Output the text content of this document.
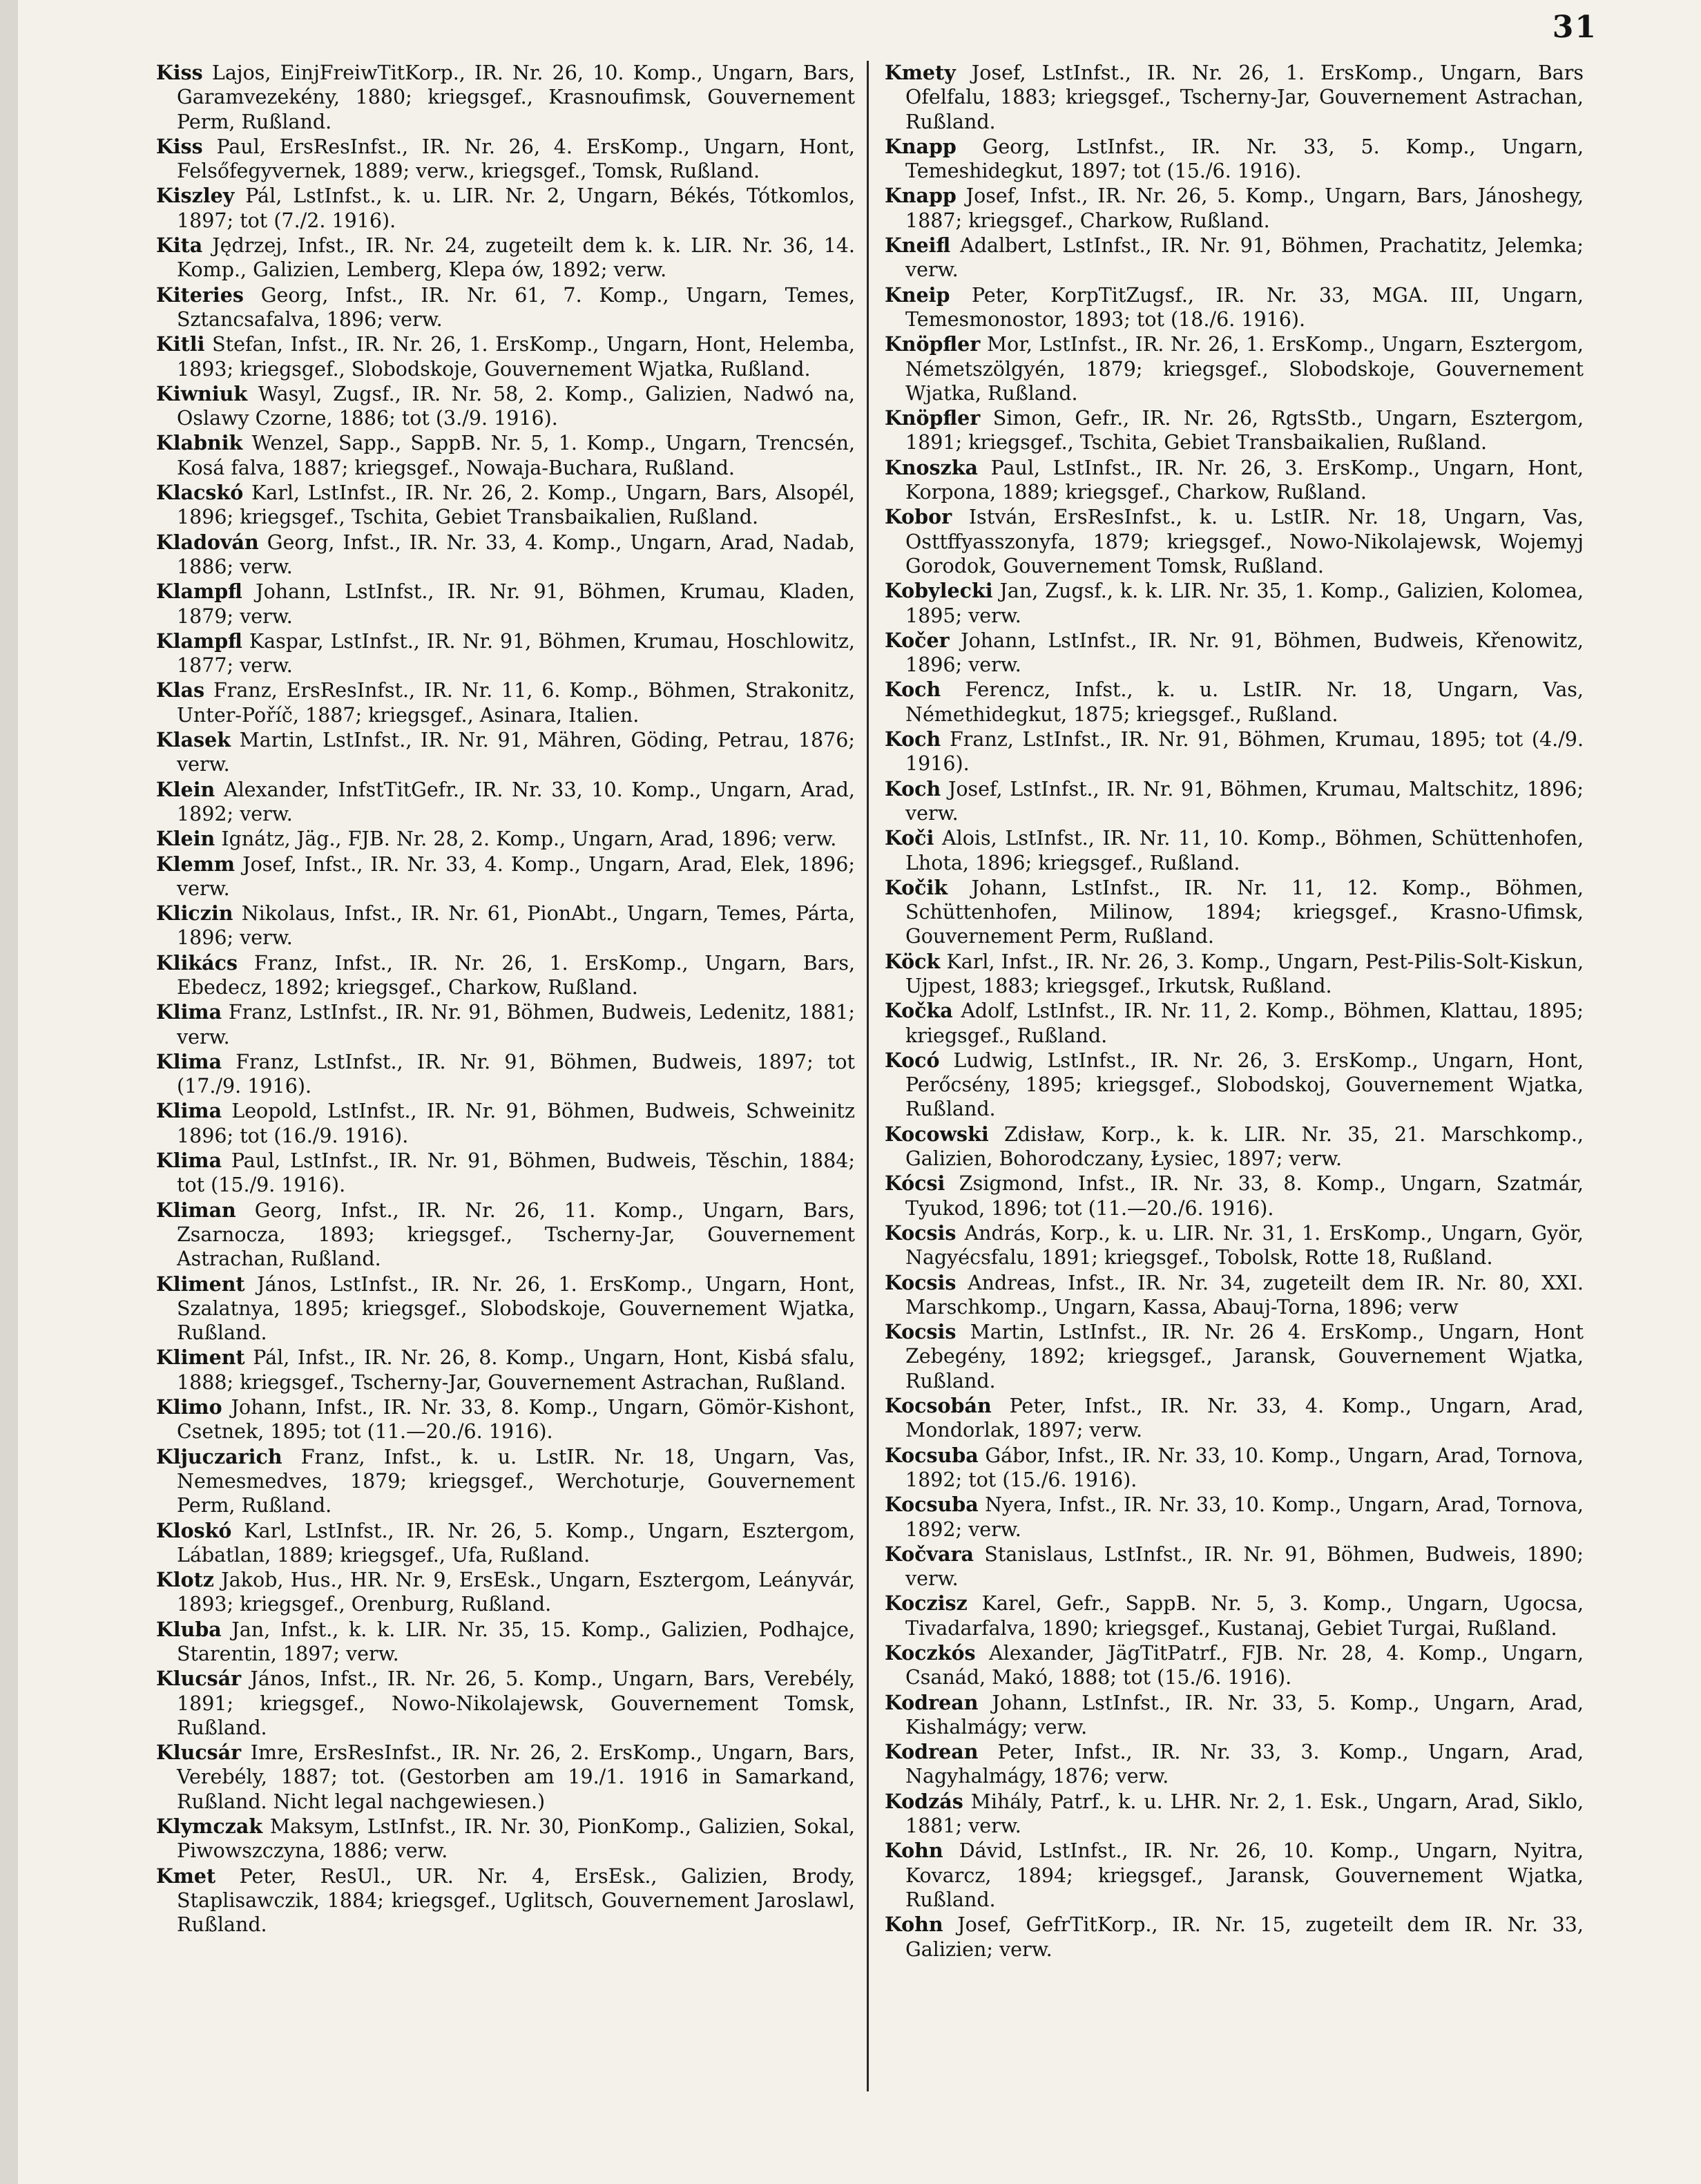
31

Kiss Lajos, EinjFreiwTitKorp., IR. Nr. 26, 10. Komp., Ungarn, Bars, Garamvezekény, 1880; kriegsgef., Krasnoufimsk, Gouvernement Perm, Rußland.

Kiss Paul, ErsResInfst., IR. Nr. 26, 4. ErsKomp., Ungarn, Hont, Felsőfegyvernek, 1889; verw., kriegsgef., Tomsk, Rußland.

Kiszley Pál, LstInfst., k. u. LIR. Nr. 2, Ungarn, Békés, Tótkomlos, 1897; tot (7./2. 1916).

Kita Jędrzej, Infst., IR. Nr. 24, zugeteilt dem k. k. LIR. Nr. 36, 14. Komp., Galizien, Lemberg, Klepa ów, 1892; verw.

Kiteries Georg, Infst., IR. Nr. 61, 7. Komp., Ungarn, Temes, Sztancsafalva, 1896; verw.

Kitli Stefan, Infst., IR. Nr. 26, 1. ErsKomp., Ungarn, Hont, Helemba, 1893; kriegsgef., Slobodskoje, Gouvernement Wjatka, Rußland.

Kiwniuk Wasyl, Zugsf., IR. Nr. 58, 2. Komp., Galizien, Nadwó na, Oslawy Czorne, 1886; tot (3./9. 1916).

Klabnik Wenzel, Sapp., SappB. Nr. 5, 1. Komp., Ungarn, Trencsén, Kosá falva, 1887; kriegsgef., Nowaja-Buchara, Rußland.

Klacskó Karl, LstInfst., IR. Nr. 26, 2. Komp., Ungarn, Bars, Alsopél, 1896; kriegsgef., Tschita, Gebiet Transbaikalien, Rußland.

Kladován Georg, Infst., IR. Nr. 33, 4. Komp., Ungarn, Arad, Nadab, 1886; verw.

Klampfl Johann, LstInfst., IR. Nr. 91, Böhmen, Krumau, Kladen, 1879; verw.

Klampfl Kaspar, LstInfst., IR. Nr. 91, Böhmen, Krumau, Hoschlowitz, 1877; verw.

Klas Franz, ErsResInfst., IR. Nr. 11, 6. Komp., Böhmen, Strakonitz, Unter-Poříč, 1887; kriegsgef., Asinara, Italien.

Klasek Martin, LstInfst., IR. Nr. 91, Mähren, Göding, Petrau, 1876; verw.

Klein Alexander, InfstTitGefr., IR. Nr. 33, 10. Komp., Ungarn, Arad, 1892; verw.

Klein Ignátz, Jäg., FJB. Nr. 28, 2. Komp., Ungarn, Arad, 1896; verw.

Klemm Josef, Infst., IR. Nr. 33, 4. Komp., Ungarn, Arad, Elek, 1896; verw.

Kliczin Nikolaus, Infst., IR. Nr. 61, PionAbt., Ungarn, Temes, Párta, 1896; verw.

Klikács Franz, Infst., IR. Nr. 26, 1. ErsKomp., Ungarn, Bars, Ebedecz, 1892; kriegsgef., Charkow, Rußland.

Klima Franz, LstInfst., IR. Nr. 91, Böhmen, Budweis, Ledenitz, 1881; verw.

Klima Franz, LstInfst., IR. Nr. 91, Böhmen, Budweis, 1897; tot (17./9. 1916).

Klima Leopold, LstInfst., IR. Nr. 91, Böhmen, Budweis, Schweinitz 1896; tot (16./9. 1916).

Klima Paul, LstInfst., IR. Nr. 91, Böhmen, Budweis, Těschin, 1884; tot (15./9. 1916).

Kliman Georg, Infst., IR. Nr. 26, 11. Komp., Ungarn, Bars, Zsarnocza, 1893; kriegsgef., Tscherny-Jar, Gouvernement Astrachan, Rußland.

Kliment János, LstInfst., IR. Nr. 26, 1. ErsKomp., Ungarn, Hont, Szalatnya, 1895; kriegsgef., Slobodskoje, Gouvernement Wjatka, Rußland.

Kliment Pál, Infst., IR. Nr. 26, 8. Komp., Ungarn, Hont, Kisbá sfalu, 1888; kriegsgef., Tscherny-Jar, Gouvernement Astrachan, Rußland.

Klimo Johann, Infst., IR. Nr. 33, 8. Komp., Ungarn, Gömör-Kishont, Csetnek, 1895; tot (11.—20./6. 1916).

Kljuczarich Franz, Infst., k. u. LstIR. Nr. 18, Ungarn, Vas, Nemesmedves, 1879; kriegsgef., Werchoturje, Gouvernement Perm, Rußland.

Kloskó Karl, LstInfst., IR. Nr. 26, 5. Komp., Ungarn, Esztergom, Lábatlan, 1889; kriegsgef., Ufa, Rußland.

Klotz Jakob, Hus., HR. Nr. 9, ErsEsk., Ungarn, Esztergom, Leányvár, 1893; kriegsgef., Orenburg, Rußland.

Kluba Jan, Infst., k. k. LIR. Nr. 35, 15. Komp., Galizien, Podhajce, Starentin, 1897; verw.

Klucsár János, Infst., IR. Nr. 26, 5. Komp., Ungarn, Bars, Verebély, 1891; kriegsgef., Nowo-Nikolajewsk, Gouvernement Tomsk, Rußland.

Klucsár Imre, ErsResInfst., IR. Nr. 26, 2. ErsKomp., Ungarn, Bars, Verebély, 1887; tot. (Gestorben am 19./1. 1916 in Samarkand, Rußland. Nicht legal nachgewiesen.)

Klymczak Maksym, LstInfst., IR. Nr. 30, PionKomp., Galizien, Sokal, Piwowszczyna, 1886; verw.

Kmet Peter, ResUl., UR. Nr. 4, ErsEsk., Galizien, Brody, Staplisawczik, 1884; kriegsgef., Uglitsch, Gouvernement Jaroslawl, Rußland.

Kmety Josef, LstInfst., IR. Nr. 26, 1. ErsKomp., Ungarn, Bars Ofelfalu, 1883; kriegsgef., Tscherny-Jar, Gouvernement Astrachan, Rußland.

Knapp Georg, LstInfst., IR. Nr. 33, 5. Komp., Ungarn, Temeshidegkut, 1897; tot (15./6. 1916).

Knapp Josef, Infst., IR. Nr. 26, 5. Komp., Ungarn, Bars, Jánoshegy, 1887; kriegsgef., Charkow, Rußland.

Kneifl Adalbert, LstInfst., IR. Nr. 91, Böhmen, Prachatitz, Jelemka; verw.

Kneip Peter, KorpTitZugsf., IR. Nr. 33, MGA. III, Ungarn, Temesmonostor, 1893; tot (18./6. 1916).

Knöpfler Mor, LstInfst., IR. Nr. 26, 1. ErsKomp., Ungarn, Esztergom, Németszölgyén, 1879; kriegsgef., Slobodskoje, Gouvernement Wjatka, Rußland.

Knöpfler Simon, Gefr., IR. Nr. 26, RgtsStb., Ungarn, Esztergom, 1891; kriegsgef., Tschita, Gebiet Transbaikalien, Rußland.

Knoszka Paul, LstInfst., IR. Nr. 26, 3. ErsKomp., Ungarn, Hont, Korpona, 1889; kriegsgef., Charkow, Rußland.

Kobor István, ErsResInfst., k. u. LstIR. Nr. 18, Ungarn, Vas, Osttffyasszonyfa, 1879; kriegsgef., Nowo-Nikolajewsk, Wojemyj Gorodok, Gouvernement Tomsk, Rußland.

Kobylecki Jan, Zugsf., k. k. LIR. Nr. 35, 1. Komp., Galizien, Kolomea, 1895; verw.

Kočer Johann, LstInfst., IR. Nr. 91, Böhmen, Budweis, Křenowitz, 1896; verw.

Koch Ferencz, Infst., k. u. LstIR. Nr. 18, Ungarn, Vas, Némethidegkut, 1875; kriegsgef., Rußland.

Koch Franz, LstInfst., IR. Nr. 91, Böhmen, Krumau, 1895; tot (4./9. 1916).

Koch Josef, LstInfst., IR. Nr. 91, Böhmen, Krumau, Maltschitz, 1896; verw.

Koči Alois, LstInfst., IR. Nr. 11, 10. Komp., Böhmen, Schüttenhofen, Lhota, 1896; kriegsgef., Rußland.

Kočik Johann, LstInfst., IR. Nr. 11, 12. Komp., Böhmen, Schüttenhofen, Milinow, 1894; kriegsgef., Krasno-Ufimsk, Gouvernement Perm, Rußland.

Köck Karl, Infst., IR. Nr. 26, 3. Komp., Ungarn, Pest-Pilis-Solt-Kiskun, Ujpest, 1883; kriegsgef., Irkutsk, Rußland.

Kočka Adolf, LstInfst., IR. Nr. 11, 2. Komp., Böhmen, Klattau, 1895; kriegsgef., Rußland.

Kocó Ludwig, LstInfst., IR. Nr. 26, 3. ErsKomp., Ungarn, Hont, Perőcsény, 1895; kriegsgef., Slobodskoj, Gouvernement Wjatka, Rußland.

Kocowski Zdisław, Korp., k. k. LIR. Nr. 35, 21. Marschkomp., Galizien, Bohorodczany, Łysiec, 1897; verw.

Kócsi Zsigmond, Infst., IR. Nr. 33, 8. Komp., Ungarn, Szatmár, Tyukod, 1896; tot (11.—20./6. 1916).

Kocsis András, Korp., k. u. LIR. Nr. 31, 1. ErsKomp., Ungarn, Györ, Nagyécsfalu, 1891; kriegsgef., Tobolsk, Rotte 18, Rußland.

Kocsis Andreas, Infst., IR. Nr. 34, zugeteilt dem IR. Nr. 80, XXI. Marschkomp., Ungarn, Kassa, Abauj-Torna, 1896; verw

Kocsis Martin, LstInfst., IR. Nr. 26 4. ErsKomp., Ungarn, Hont Zebegény, 1892; kriegsgef., Jaransk, Gouvernement Wjatka, Rußland.

Kocsobán Peter, Infst., IR. Nr. 33, 4. Komp., Ungarn, Arad, Mondorlak, 1897; verw.

Kocsuba Gábor, Infst., IR. Nr. 33, 10. Komp., Ungarn, Arad, Tornova, 1892; tot (15./6. 1916).

Kocsuba Nyera, Infst., IR. Nr. 33, 10. Komp., Ungarn, Arad, Tornova, 1892; verw.

Kočvara Stanislaus, LstInfst., IR. Nr. 91, Böhmen, Budweis, 1890; verw.

Koczisz Karel, Gefr., SappB. Nr. 5, 3. Komp., Ungarn, Ugocsa, Tivadarfalva, 1890; kriegsgef., Kustanaj, Gebiet Turgai, Rußland.

Koczkós Alexander, JägTitPatrf., FJB. Nr. 28, 4. Komp., Ungarn, Csanád, Makó, 1888; tot (15./6. 1916).

Kodrean Johann, LstInfst., IR. Nr. 33, 5. Komp., Ungarn, Arad, Kishalmágy; verw.

Kodrean Peter, Infst., IR. Nr. 33, 3. Komp., Ungarn, Arad, Nagyhalmágy, 1876; verw.

Kodzás Mihály, Patrf., k. u. LHR. Nr. 2, 1. Esk., Ungarn, Arad, Siklo, 1881; verw.

Kohn Dávid, LstInfst., IR. Nr. 26, 10. Komp., Ungarn, Nyitra, Kovarcz, 1894; kriegsgef., Jaransk, Gouvernement Wjatka, Rußland.

Kohn Josef, GefrTitKorp., IR. Nr. 15, zugeteilt dem IR. Nr. 33, Galizien; verw.
